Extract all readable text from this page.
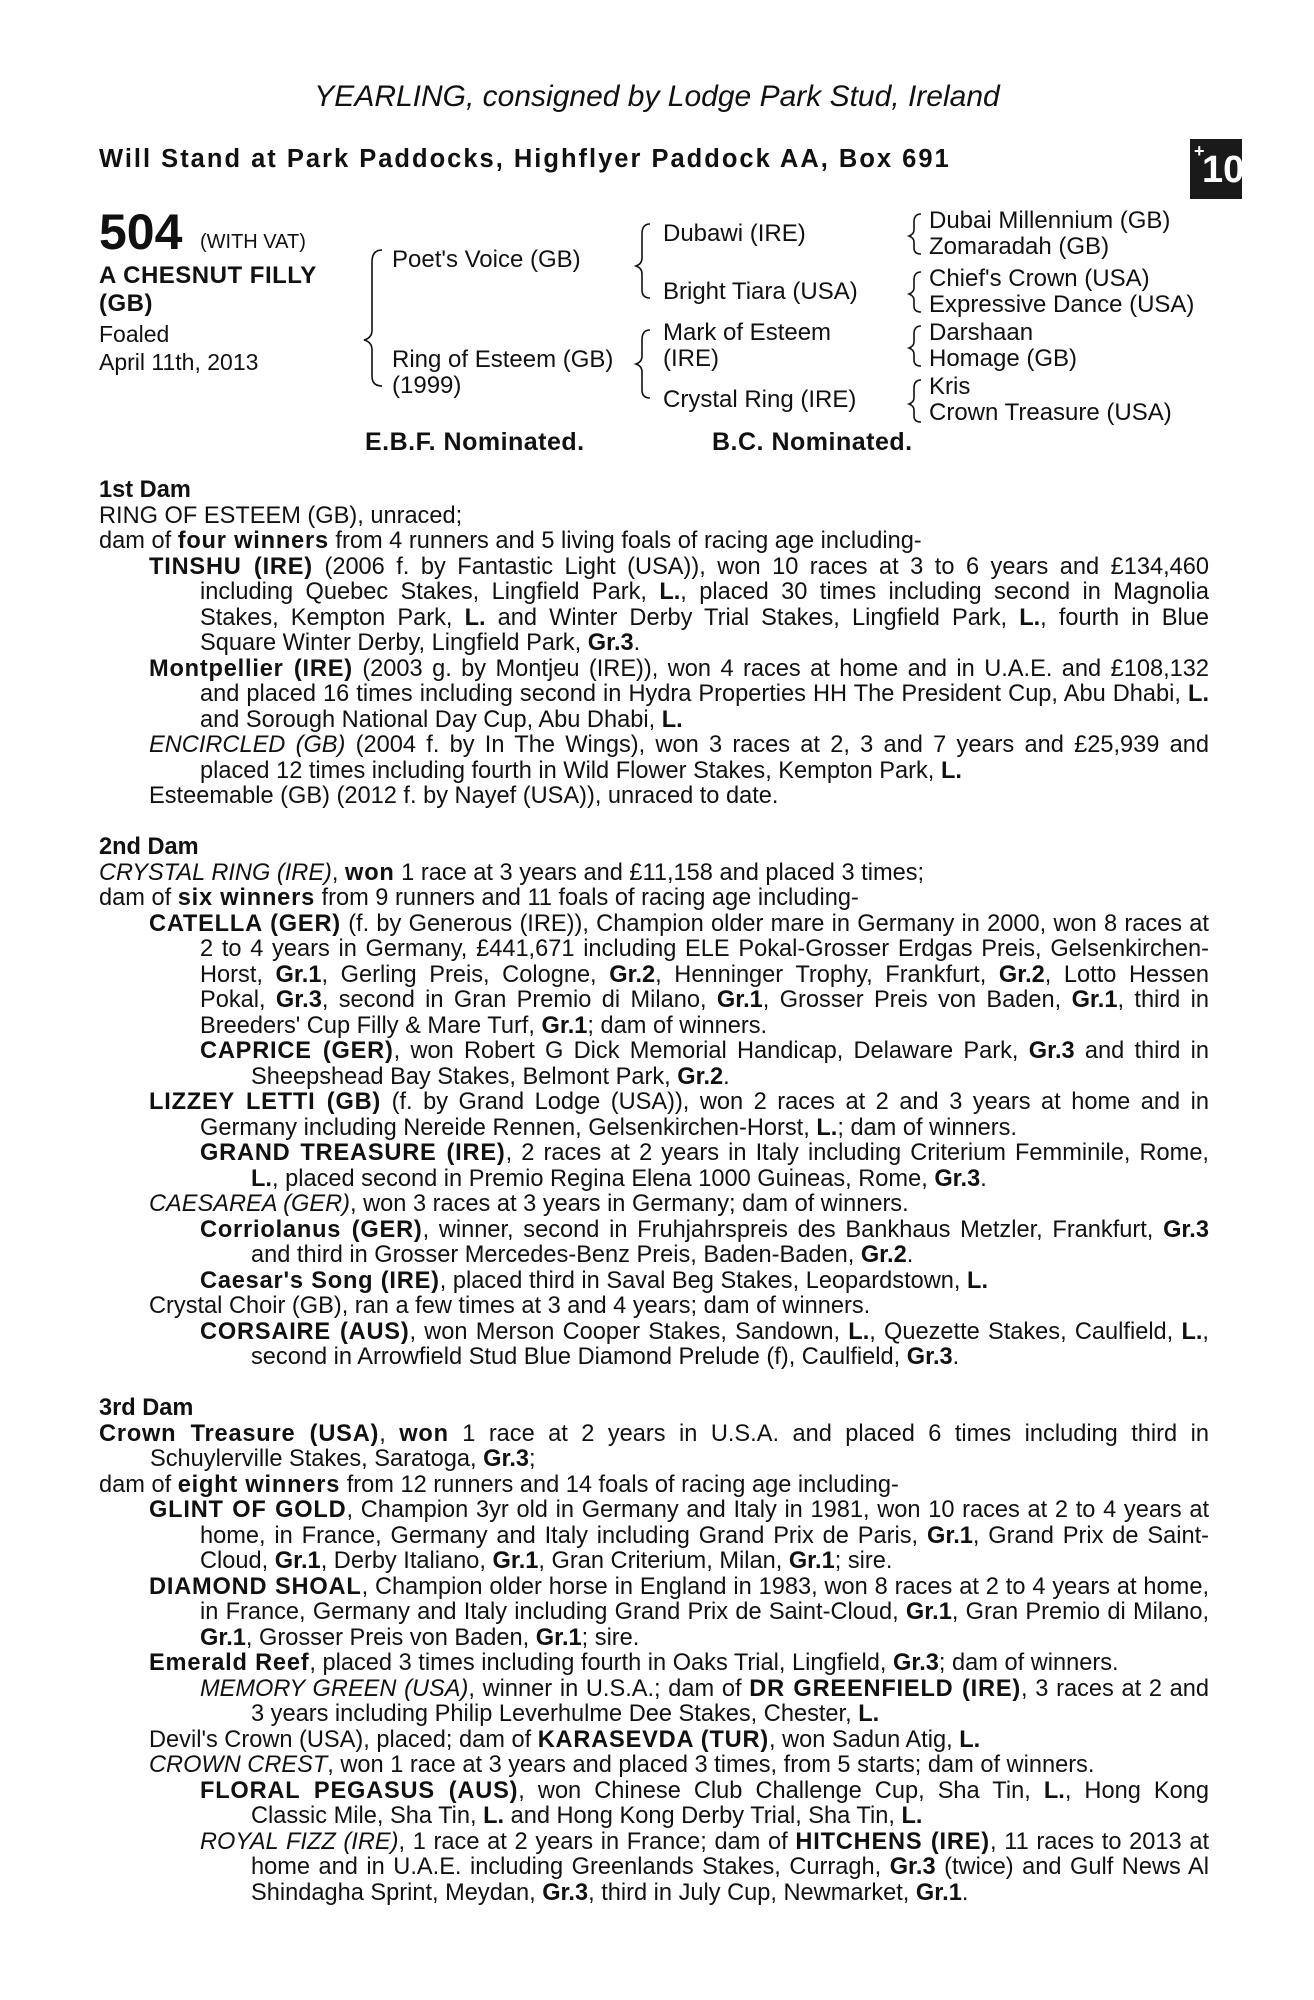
YEARLING, consigned by Lodge Park Stud, Ireland
Will Stand at Park Paddocks, Highflyer Paddock AA, Box 691	+
10
504 (WITH VAT)
A CHESNUT FILLY
(GB)
Foaled
April 11th, 2013
Poet's Voice (GB)
Ring of Esteem (GB)
(1999)
Dubawi (IRE)
Bright Tiara (USA)
Mark of Esteem
(IRE)
Crystal Ring (IRE)
Dubai Millennium (GB)
Zomaradah (GB)
Chief's Crown (USA)
Expressive Dance (USA)
Darshaan
Homage (GB)
Kris
Crown Treasure (USA)
E.B.F. Nominated.	B.C. Nominated.

1st Dam

RING OF ESTEEM (GB), unraced;

dam of four winners from 4 runners and 5 living foals of racing age including-

TINSHU (IRE) (2006 f. by Fantastic Light (USA)), won 10 races at 3 to 6 years and £134,460 including Quebec Stakes, Lingfield Park, L., placed 30 times including second in Magnolia Stakes, Kempton Park, L. and Winter Derby Trial Stakes, Lingfield Park, L., fourth in Blue Square Winter Derby, Lingfield Park, Gr.3.

Montpellier (IRE) (2003 g. by Montjeu (IRE)), won 4 races at home and in U.A.E. and £108,132 and placed 16 times including second in Hydra Properties HH The President Cup, Abu Dhabi, L. and Sorough National Day Cup, Abu Dhabi, L.

ENCIRCLED (GB) (2004 f. by In The Wings), won 3 races at 2, 3 and 7 years and £25,939 and placed 12 times including fourth in Wild Flower Stakes, Kempton Park, L.

Esteemable (GB) (2012 f. by Nayef (USA)), unraced to date.

2nd Dam

CRYSTAL RING (IRE), won 1 race at 3 years and £11,158 and placed 3 times;

dam of six winners from 9 runners and 11 foals of racing age including-

CATELLA (GER) (f. by Generous (IRE)), Champion older mare in Germany in 2000, won 8 races at 2 to 4 years in Germany, £441,671 including ELE Pokal-Grosser Erdgas Preis, Gelsenkirchen-Horst, Gr.1, Gerling Preis, Cologne, Gr.2, Henninger Trophy, Frankfurt, Gr.2, Lotto Hessen Pokal, Gr.3, second in Gran Premio di Milano, Gr.1, Grosser Preis von Baden, Gr.1, third in Breeders' Cup Filly & Mare Turf, Gr.1; dam of winners.

CAPRICE (GER), won Robert G Dick Memorial Handicap, Delaware Park, Gr.3 and third in Sheepshead Bay Stakes, Belmont Park, Gr.2.

LIZZEY LETTI (GB) (f. by Grand Lodge (USA)), won 2 races at 2 and 3 years at home and in Germany including Nereide Rennen, Gelsenkirchen-Horst, L.; dam of winners.

GRAND TREASURE (IRE), 2 races at 2 years in Italy including Criterium Femminile, Rome, L., placed second in Premio Regina Elena 1000 Guineas, Rome, Gr.3.

CAESAREA (GER), won 3 races at 3 years in Germany; dam of winners.

Corriolanus (GER), winner, second in Fruhjahrspreis des Bankhaus Metzler, Frankfurt, Gr.3 and third in Grosser Mercedes-Benz Preis, Baden-Baden, Gr.2.

Caesar's Song (IRE), placed third in Saval Beg Stakes, Leopardstown, L.

Crystal Choir (GB), ran a few times at 3 and 4 years; dam of winners.

CORSAIRE (AUS), won Merson Cooper Stakes, Sandown, L., Quezette Stakes, Caulfield, L., second in Arrowfield Stud Blue Diamond Prelude (f), Caulfield, Gr.3.

3rd Dam

Crown Treasure (USA), won 1 race at 2 years in U.S.A. and placed 6 times including third in Schuylerville Stakes, Saratoga, Gr.3;

dam of eight winners from 12 runners and 14 foals of racing age including-

GLINT OF GOLD, Champion 3yr old in Germany and Italy in 1981, won 10 races at 2 to 4 years at home, in France, Germany and Italy including Grand Prix de Paris, Gr.1, Grand Prix de Saint-Cloud, Gr.1, Derby Italiano, Gr.1, Gran Criterium, Milan, Gr.1; sire.

DIAMOND SHOAL, Champion older horse in England in 1983, won 8 races at 2 to 4 years at home, in France, Germany and Italy including Grand Prix de Saint-Cloud, Gr.1, Gran Premio di Milano, Gr.1, Grosser Preis von Baden, Gr.1; sire.

Emerald Reef, placed 3 times including fourth in Oaks Trial, Lingfield, Gr.3; dam of winners.

MEMORY GREEN (USA), winner in U.S.A.; dam of DR GREENFIELD (IRE), 3 races at 2 and 3 years including Philip Leverhulme Dee Stakes, Chester, L.

Devil's Crown (USA), placed; dam of KARASEVDA (TUR), won Sadun Atig, L.

CROWN CREST, won 1 race at 3 years and placed 3 times, from 5 starts; dam of winners.

FLORAL PEGASUS (AUS), won Chinese Club Challenge Cup, Sha Tin, L., Hong Kong Classic Mile, Sha Tin, L. and Hong Kong Derby Trial, Sha Tin, L.

ROYAL FIZZ (IRE), 1 race at 2 years in France; dam of HITCHENS (IRE), 11 races to 2013 at home and in U.A.E. including Greenlands Stakes, Curragh, Gr.3 (twice) and Gulf News Al Shindagha Sprint, Meydan, Gr.3, third in July Cup, Newmarket, Gr.1.
